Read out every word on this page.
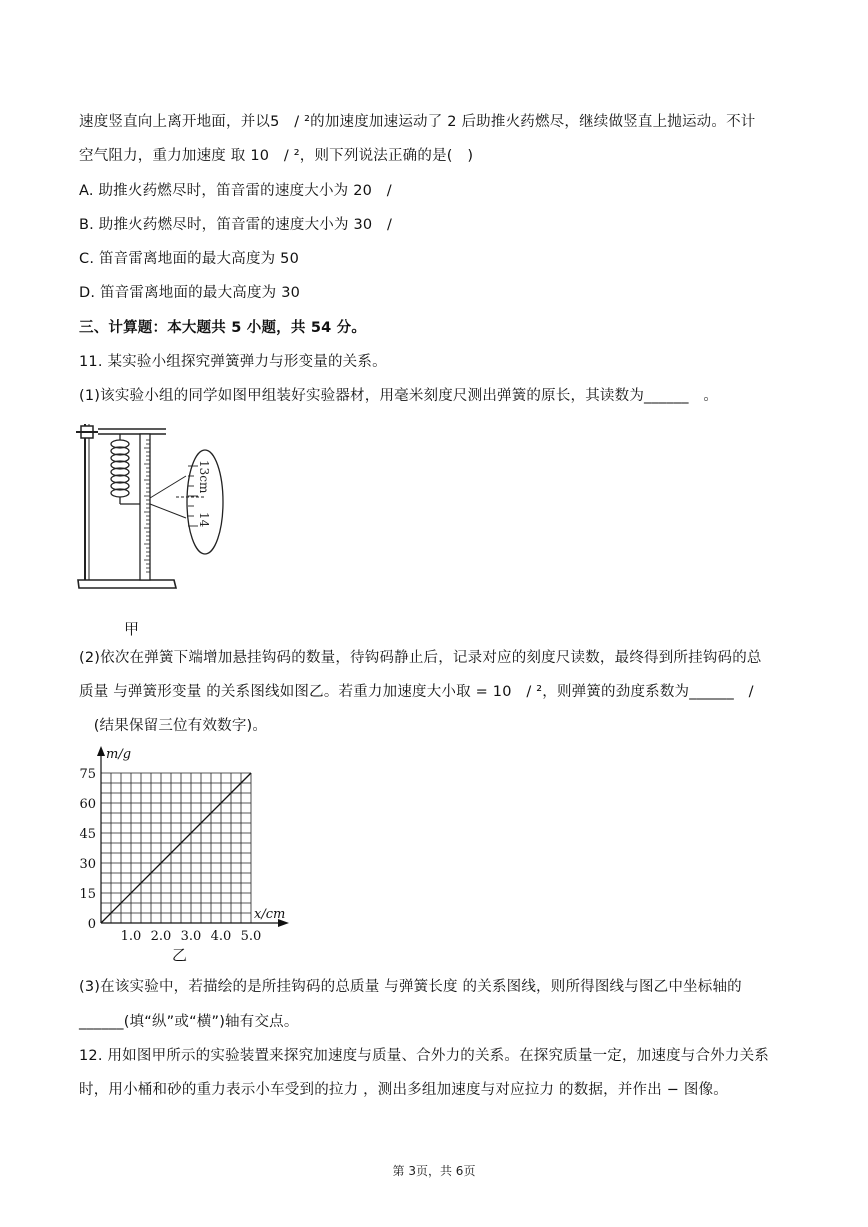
速度竖直向上离开地面，并以5　/ ²的加速度加速运动了 2 后助推火药燃尽，继续做竖直上抛运动。不计
空气阻力，重力加速度 取 10　/ ²，则下列说法正确的是(　)
A. 助推火药燃尽时，笛音雷的速度大小为 20　/
B. 助推火药燃尽时，笛音雷的速度大小为 30　/
C. 笛音雷离地面的最大高度为 50
D. 笛音雷离地面的最大高度为 30
三、计算题：本大题共 5 小题，共 54 分。
11. 某实验小组探究弹簧弹力与形变量的关系。
(1)该实验小组的同学如图甲组装好实验器材，用毫米刻度尺测出弹簧的原长，其读数为______　。
13cm
14
甲
(2)依次在弹簧下端增加悬挂钩码的数量，待钩码静止后，记录对应的刻度尺读数，最终得到所挂钩码的总
质量 与弹簧形变量 的关系图线如图乙。若重力加速度大小取 = 10　/ ²，则弹簧的劲度系数为______　/
　(结果保留三位有效数字)。
m/g
x/cm
75
60
45
30
15
0
1.0 2.0 3.0 4.0 5.0
乙
(3)在该实验中，若描绘的是所挂钩码的总质量 与弹簧长度 的关系图线，则所得图线与图乙中坐标轴的
______(填“纵”或“横”)轴有交点。
12. 用如图甲所示的实验装置来探究加速度与质量、合外力的关系。在探究质量一定，加速度与合外力关系
时，用小桶和砂的重力表示小车受到的拉力 ，测出多组加速度与对应拉力 的数据，并作出 − 图像。
第 3页，共 6页
